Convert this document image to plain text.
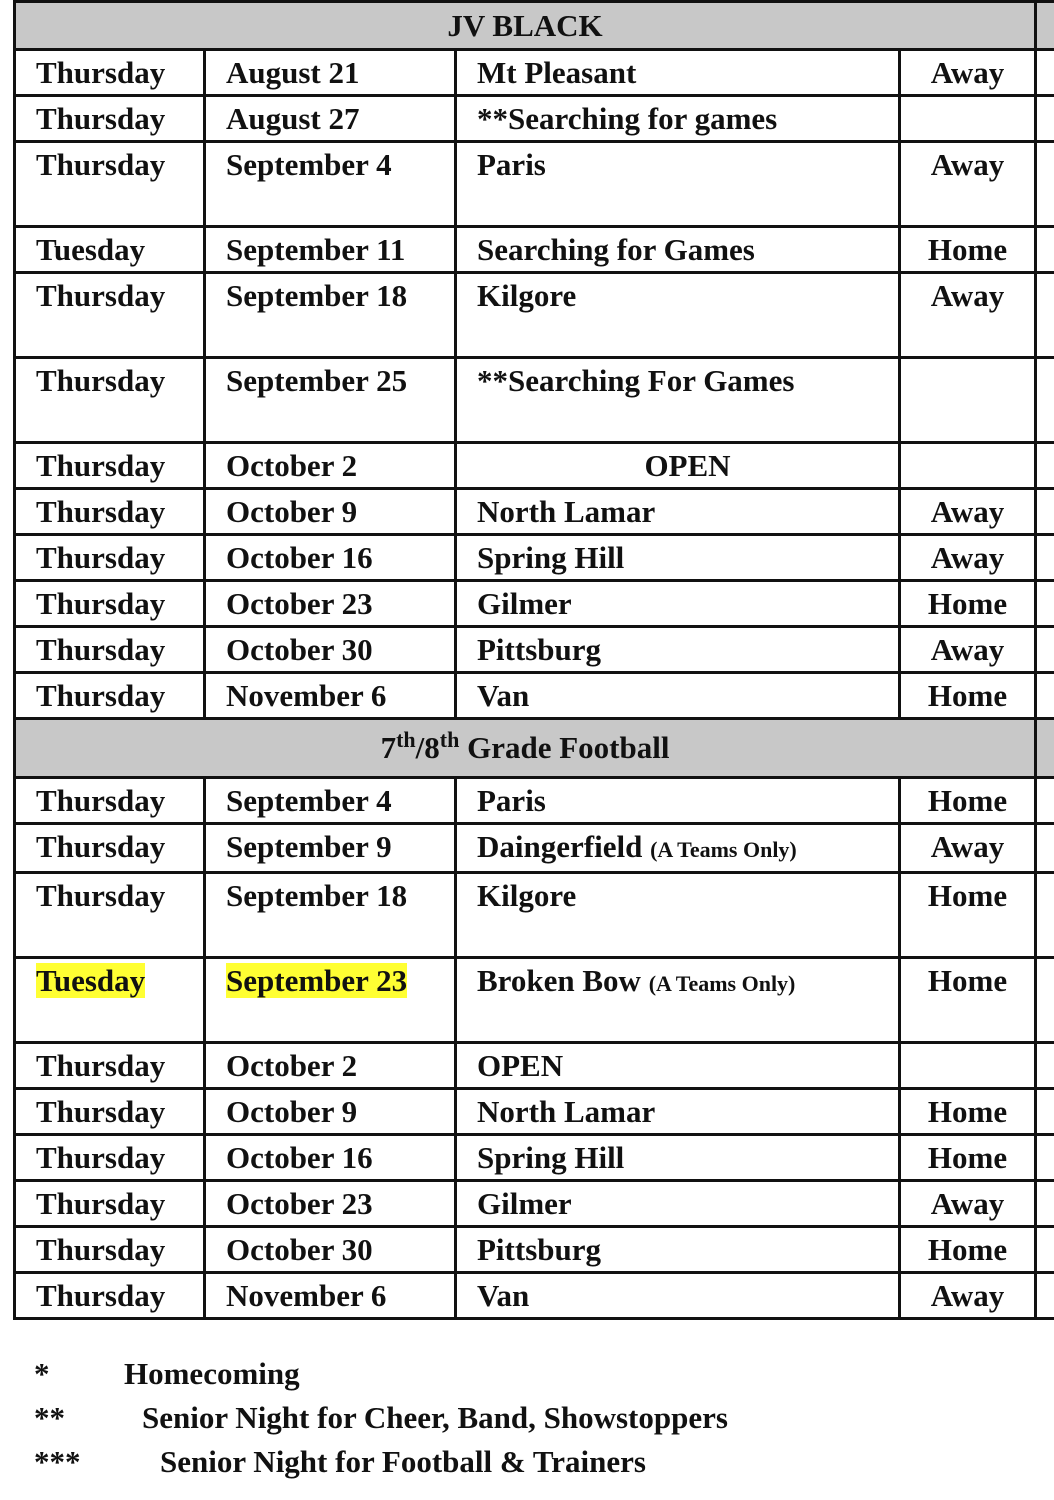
JV BLACK				
Thursday	August 21	Mt Pleasant	Away	
Thursday	August 27	**Searching for games		
Thursday	September 4	Paris	Away	
Tuesday	September 11	Searching for Games	Home	
Thursday	September 18	Kilgore	Away	
Thursday	September 25	**Searching For Games		
Thursday	October 2	OPEN		
Thursday	October 9	North Lamar	Away	
Thursday	October 16	Spring Hill	Away	
Thursday	October 23	Gilmer	Home	
Thursday	October 30	Pittsburg	Away	
Thursday	November 6	Van	Home	
7th/8th Grade Football				
Thursday	September 4	Paris	Home	
Thursday	September 9	Daingerfield (A Teams Only)	Away	
Thursday	September 18	Kilgore	Home	
Tuesday	September 23	Broken Bow (A Teams Only)	Home	
Thursday	October 2	OPEN		
Thursday	October 9	North Lamar	Home	
Thursday	October 16	Spring Hill	Home	
Thursday	October 23	Gilmer	Away	
Thursday	October 30	Pittsburg	Home	
Thursday	November 6	Van	Away	
* Homecoming
** Senior Night for Cheer, Band, Showstoppers
***	Senior Night for Football & Trainers
